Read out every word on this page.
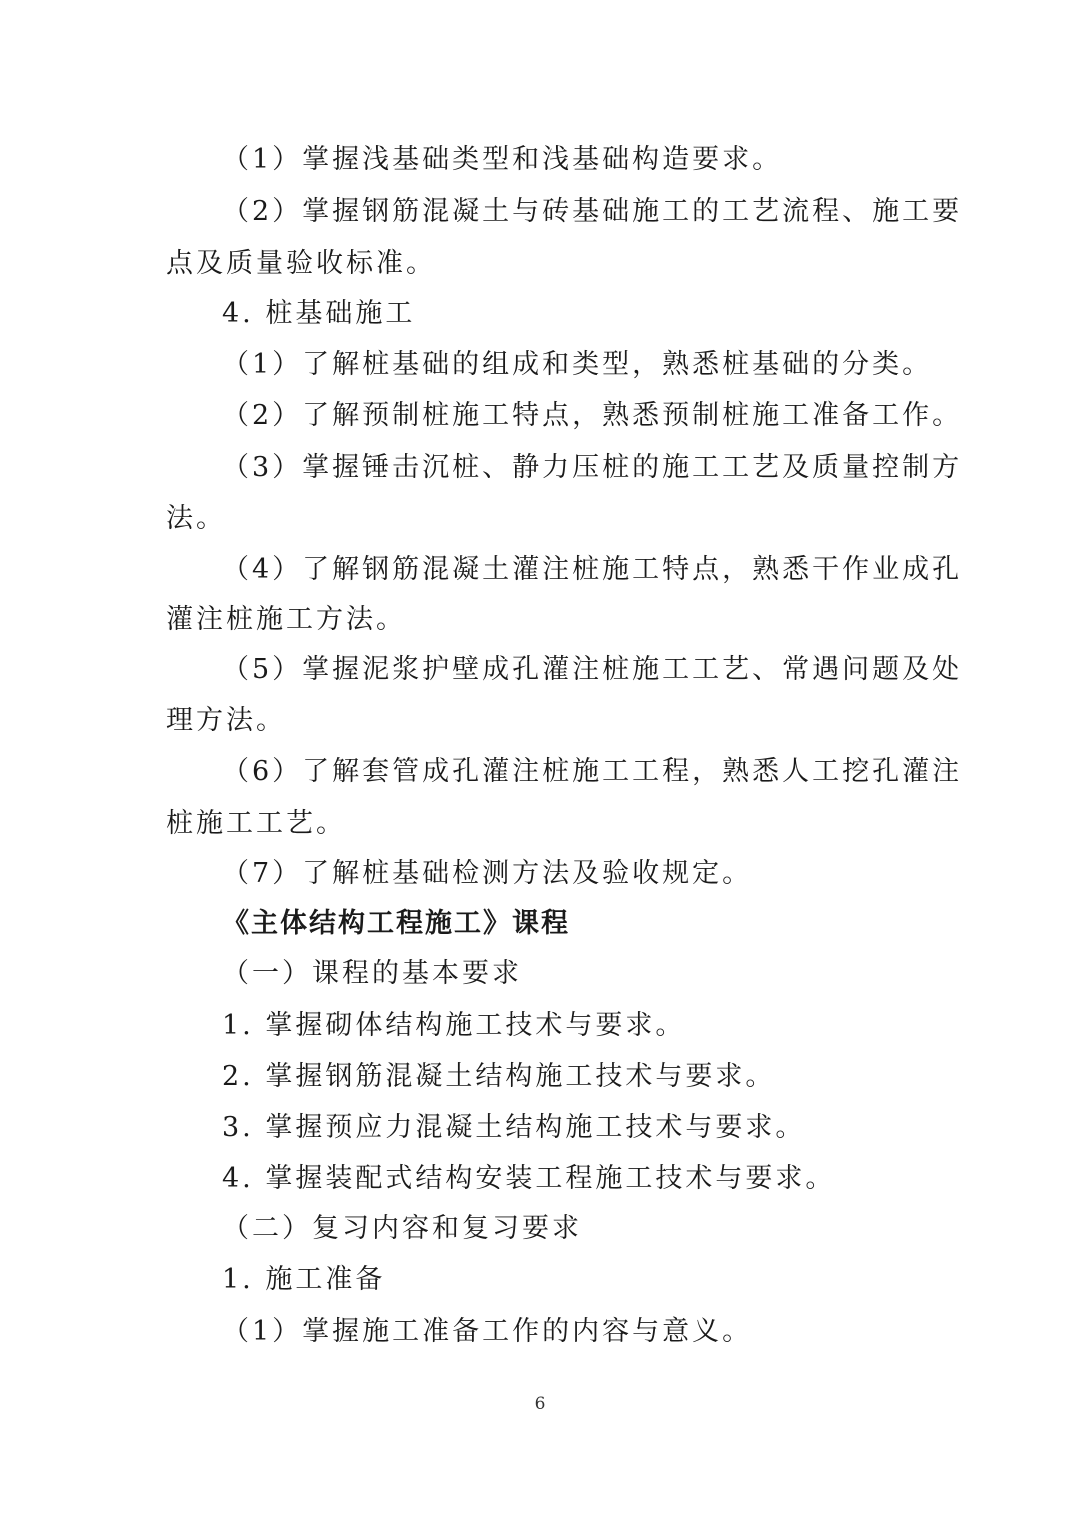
（1）掌握浅基础类型和浅基础构造要求。
（2）掌握钢筋混凝土与砖基础施工的工艺流程、施工要
点及质量验收标准。
4. 桩基础施工
（1）了解桩基础的组成和类型，熟悉桩基础的分类。
（2）了解预制桩施工特点，熟悉预制桩施工准备工作。
（3）掌握锤击沉桩、静力压桩的施工工艺及质量控制方
法。
（4）了解钢筋混凝土灌注桩施工特点，熟悉干作业成孔
灌注桩施工方法。
（5）掌握泥浆护壁成孔灌注桩施工工艺、常遇问题及处
理方法。
（6）了解套管成孔灌注桩施工工程，熟悉人工挖孔灌注
桩施工工艺。
（7）了解桩基础检测方法及验收规定。
《主体结构工程施工》课程
（一）课程的基本要求
1. 掌握砌体结构施工技术与要求。
2. 掌握钢筋混凝土结构施工技术与要求。
3. 掌握预应力混凝土结构施工技术与要求。
4. 掌握装配式结构安装工程施工技术与要求。
（二）复习内容和复习要求
1. 施工准备
（1）掌握施工准备工作的内容与意义。
6
